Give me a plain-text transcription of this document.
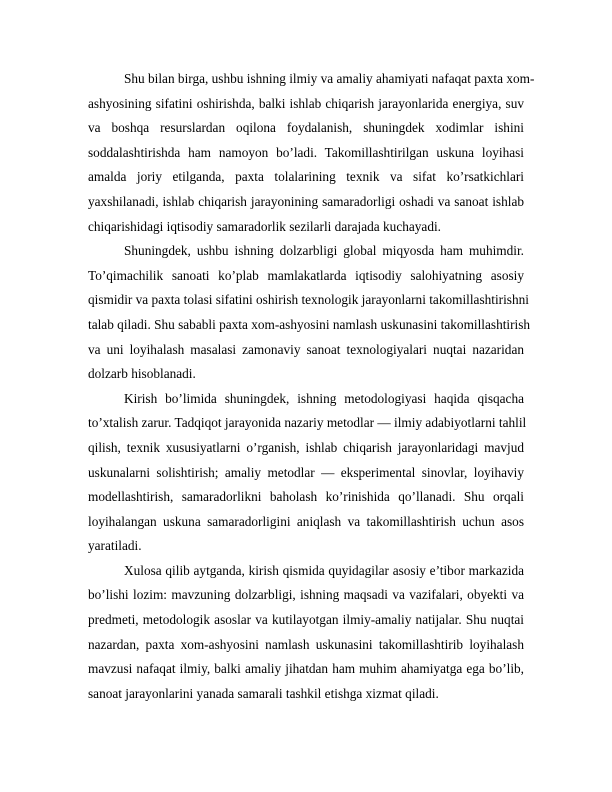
Shu bilan birga, ushbu ishning ilmiy va amaliy ahamiyati nafaqat paxta xom-
ashyosining sifatini oshirishda, balki ishlab chiqarish jarayonlarida energiya, suv
va boshqa resurslardan oqilona foydalanish, shuningdek xodimlar ishini
soddalashtirishda ham namoyon bo’ladi. Takomillashtirilgan uskuna loyihasi
amalda joriy etilganda, paxta tolalarining texnik va sifat ko’rsatkichlari
yaxshilanadi, ishlab chiqarish jarayonining samaradorligi oshadi va sanoat ishlab
chiqarishidagi iqtisodiy samaradorlik sezilarli darajada kuchayadi.
Shuningdek, ushbu ishning dolzarbligi global miqyosda ham muhimdir.
To’qimachilik sanoati ko’plab mamlakatlarda iqtisodiy salohiyatning asosiy
qismidir va paxta tolasi sifatini oshirish texnologik jarayonlarni takomillashtirishni
talab qiladi. Shu sababli paxta xom-ashyosini namlash uskunasini takomillashtirish
va uni loyihalash masalasi zamonaviy sanoat texnologiyalari nuqtai nazaridan
dolzarb hisoblanadi.
Kirish bo’limida shuningdek, ishning metodologiyasi haqida qisqacha
to’xtalish zarur. Tadqiqot jarayonida nazariy metodlar — ilmiy adabiyotlarni tahlil
qilish, texnik xususiyatlarni o’rganish, ishlab chiqarish jarayonlaridagi mavjud
uskunalarni solishtirish; amaliy metodlar — eksperimental sinovlar, loyihaviy
modellashtirish, samaradorlikni baholash ko’rinishida qo’llanadi. Shu orqali
loyihalangan uskuna samaradorligini aniqlash va takomillashtirish uchun asos
yaratiladi.
Xulosa qilib aytganda, kirish qismida quyidagilar asosiy e’tibor markazida
bo’lishi lozim: mavzuning dolzarbligi, ishning maqsadi va vazifalari, obyekti va
predmeti, metodologik asoslar va kutilayotgan ilmiy-amaliy natijalar. Shu nuqtai
nazardan, paxta xom-ashyosini namlash uskunasini takomillashtirib loyihalash
mavzusi nafaqat ilmiy, balki amaliy jihatdan ham muhim ahamiyatga ega bo’lib,
sanoat jarayonlarini yanada samarali tashkil etishga xizmat qiladi.
